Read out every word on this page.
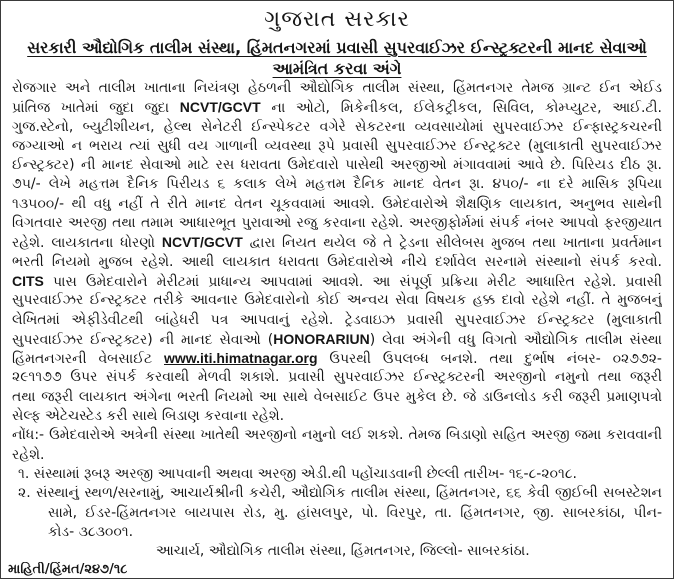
ગુજરાત સરકાર
સરકારી ઔદ્યોગિક તાલીમ સંસ્થા, હિંમતનગરમાં પ્રવાસી સુપરવાઈઝર ઈન્સ્ટ્રક્ટરની માનદ સેવાઓ
આમંત્રિત કરવા અંગે
રોજગાર અને તાલીમ ખાતાના નિયંત્રણ હેઠળની ઔદ્યોગિક તાલીમ સંસ્થા, હિંમતનગર તેમજ ગ્રાન્ટ ઈન એઈડ
પ્રાંતિજ ખાતેમાં જુદા જુદા NCVT/GCVT ના ઓટો, મિકેનીકલ, ઈલેકટ્રીકલ, સિવિલ, કોમ્પ્યુટર, આઈ.ટી.
ગુજ.સ્ટેનો, બ્યુટીશીયન, હેલ્થ સેનેટરી ઈન્સ્પેકટર વગેરે સેકટરના વ્યવસાયોમાં સુપરવાઈઝર ઈન્ફાસ્ટ્રકચરની
જગ્યાઓ ન ભરાય ત્યાં સુધી વય ગાળાની વ્યવસ્થા રૂપે પ્રવાસી સુપરવાઈઝર ઈન્સ્ટ્રક્ટર (મુલાકાતી સુપરવાઈઝર
ઈન્સ્ટ્રક્ટર) ની માનદ સેવાઓ માટે રસ ધરાવતા ઉમેદવારો પાસેથી અરજીઓ મંગાવવામાં આવે છે. પિરિયડ દીઠ રૂા.
૭૫/- લેખે મહત્તમ દૈનિક પિરીયડ ૬ કલાક લેખે મહત્તમ દૈનિક માનદ વેતન રૂા. ૪૫૦/- ના દરે માસિક રૂપિયા
૧૩૫૦૦/- થી વધુ નહીં તે રીતે માનદ વેતન ચૂકવવામાં આવશે. ઉમેદવારોએ શૈક્ષણિક લાયકાત, અનુભવ સાથેની
વિગતવાર અરજી તથા તમામ આધારભૂત પુરાવાઓ રજુ કરવાના રહેશે. અરજીફોર્મમાં સંપર્ક નંબર આપવો ફરજીયાત
રહેશે. લાયકાતના ધોરણો NCVT/GCVT દ્વારા નિયત થયેલ જે તે ટ્રેડના સીલેબસ મુજબ તથા ખાતાના પ્રવર્તમાન
ભરતી નિયમો મુજબ રહેશે. આથી લાયકાત ધરાવતા ઉમેદવારોએ નીચે દર્શાવેલ સરનામે સંસ્થાનો સંપર્ક કરવો.
CITS પાસ ઉમેદવારોને મેરીટમાં પ્રાધાન્ય આપવામાં આવશે. આ સંપૂર્ણ પ્રક્રિયા મેરીટ આધારિત રહેશે. પ્રવાસી
સુપરવાઈઝર ઈન્સ્ટ્રક્ટર તરીકે આવનાર ઉમેદવારોનો કોઈ અન્વય સેવા વિષયક હક્ક દાવો રહેશે નહીં. તે મુજબનું
લેખિતમાં એફીડેવીટથી બાંહેધરી પત્ર આપવાનું રહેશે. ટ્રેડવાઇઝ પ્રવાસી સુપરવાઈઝર ઈન્સ્ટ્રક્ટર (મુલાકાતી
સુપરવાઈઝર ઈન્સ્ટ્રક્ટર) ની માનદ સેવાઓ (HONORARIUN) લેવા અંગેની વધુ વિગતો ઔદ્યોગિક તાલીમ સંસ્થા
હિંમતનગરની વેબસાઈટ www.iti.himatnagar.org ઉપરથી ઉપલબ્ધ બનશે. તથા દુર્ભાષ નંબર- ૦૨૭૭૨-
૨૯૧૧૭૭ ઉપર સંપર્ક કરવાથી મેળવી શકાશે. પ્રવાસી સુપરવાઈઝર ઈન્સ્ટ્રક્ટરની અરજીનો નમુનો તથા જરૂરી
તથા જરૂરી લાયકાત અંગેના ભરતી નિયમો આ સાથે વેબસાઈટ ઉપર મુકેલ છે. જે ડાઉનલોડ કરી જરૂરી પ્રમાણપત્રો
સેલ્ફ એટેચસ્ટેડ કરી સાથે બિડાણ કરવાના રહેશે.
નોંધ:- ઉમેદવારોએ અત્રેની સંસ્થા ખાતેથી અરજીનો નમુનો લઈ શકશે. તેમજ બિડાણો સહિત અરજી જમા કરાવવાની
રહેશે.
૧. સંસ્થામાં રૂબરૂ અરજી આપવાની અથવા અરજી એડી.થી પહોંચાડવાની છેલ્લી તારીખ- ૧૬-૮-૨૦૧૮.
૨. સંસ્થાનું સ્થળ/સરનામું, આચાર્યશ્રીની કચેરી, ઔદ્યોગિક તાલીમ સંસ્થા, હિંમતનગર, ૬૬ કેવી જીઈબી સબસ્ટેશન
સામે, ઈડર-હિંમતનગર બાયપાસ રોડ, મુ. હાંસલપુર, પો. વિરપુર, તા. હિંમતનગર, જી. સાબરકાંઠા, પીન-
કોડ- ૩૮૩૦૦૧.
આચાર્ય, ઔદ્યોગિક તાલીમ સંસ્થા, હિંમતનગર, જિલ્લો- સાબરકાંઠા.
માહિતી/હિંમત/૨૪૭/૧૮
